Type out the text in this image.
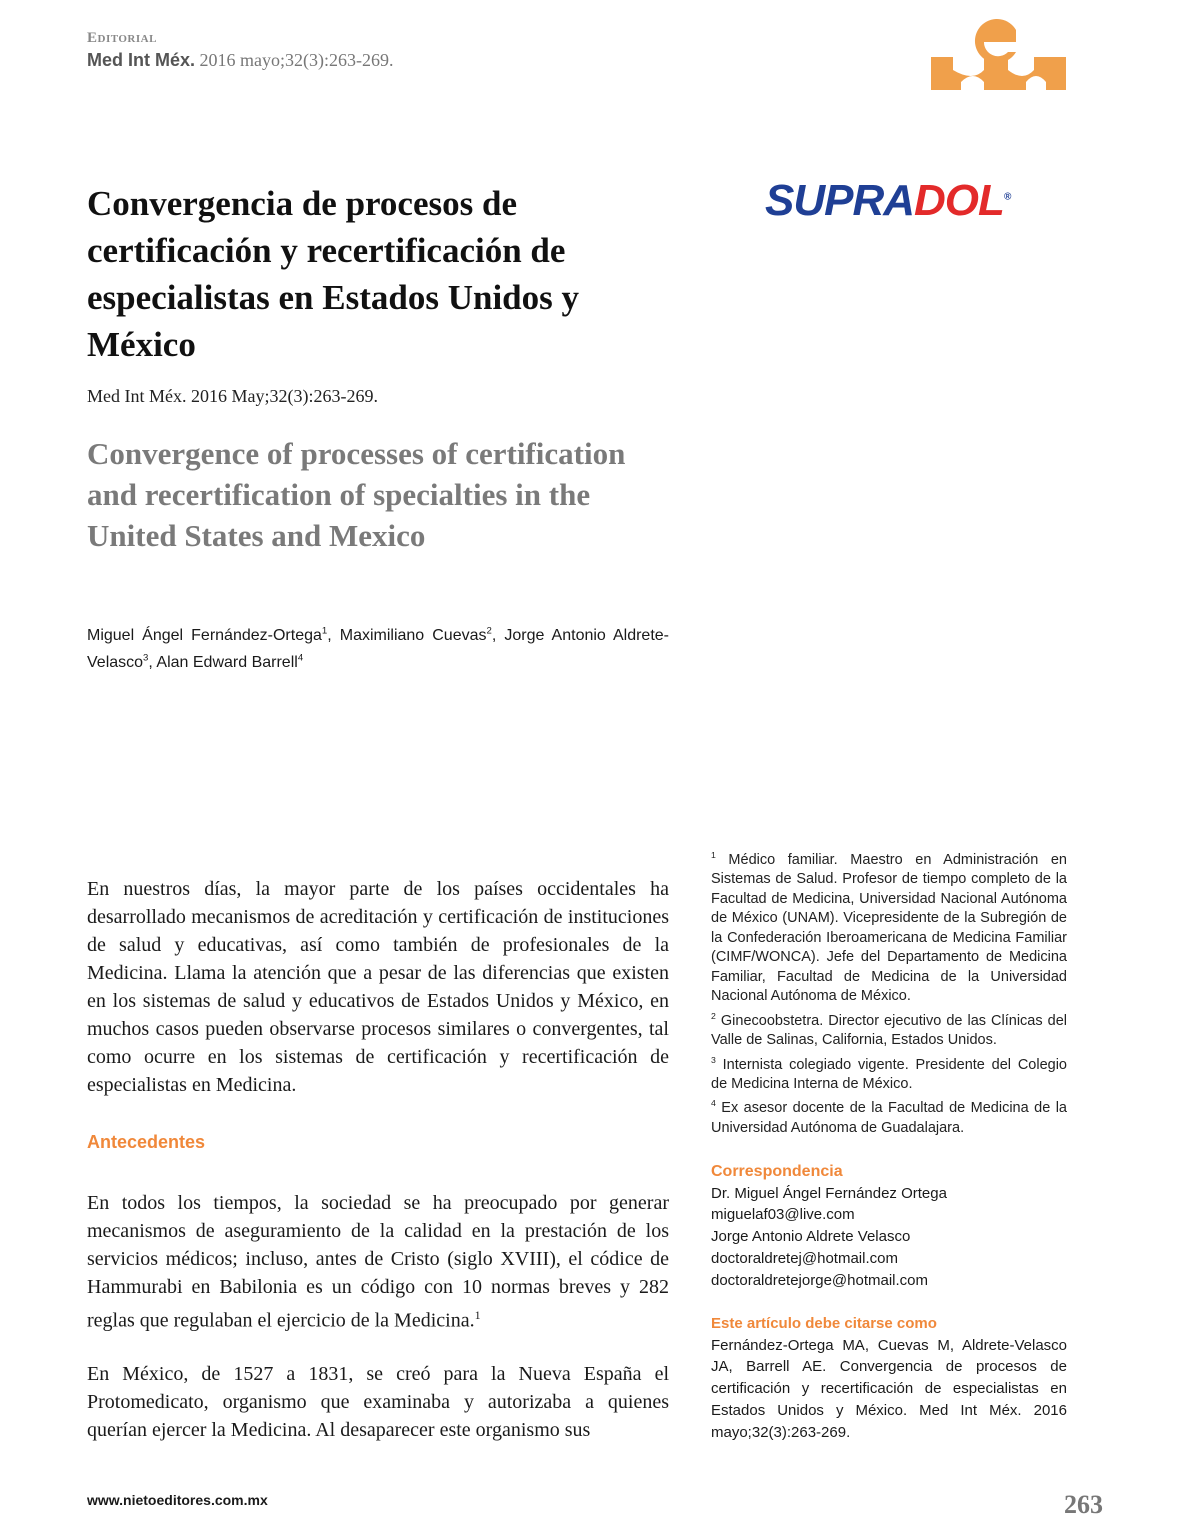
Editorial
Med Int Méx. 2016 mayo;32(3):263-269.
SUPRADOL®
Convergencia de procesos de certificación y recertificación de especialistas en Estados Unidos y México
Med Int Méx. 2016 May;32(3):263-269.
Convergence of processes of certification and recertification of specialties in the United States and Mexico
Miguel Ángel Fernández-Ortega$^1$, Maximiliano Cuevas$^2$, Jorge Antonio Aldrete-Velasco$^3$, Alan Edward Barrell$^4$

En nuestros días, la mayor parte de los países occidentales ha desarrollado mecanismos de acreditación y certificación de instituciones de salud y educativas, así como también de profesionales de la Medicina. Llama la atención que a pesar de las diferencias que existen en los sistemas de salud y educativos de Estados Unidos y México, en muchos casos pueden observarse procesos similares o convergentes, tal como ocurre en los sistemas de certificación y recertificación de especialistas en Medicina.

Antecedentes

En todos los tiempos, la sociedad se ha preocupado por generar mecanismos de aseguramiento de la calidad en la prestación de los servicios médicos; incluso, antes de Cristo (siglo XVIII), el códice de Hammurabi en Babilonia es un código con 10 normas breves y 282 reglas que regulaban el ejercicio de la Medicina.$^1$

En México, de 1527 a 1831, se creó para la Nueva España el Protomedicato, organismo que examinaba y autorizaba a quienes querían ejercer la Medicina. Al desaparecer este organismo sus

$^1$ Médico familiar. Maestro en Administración en Sistemas de Salud. Profesor de tiempo completo de la Facultad de Medicina, Universidad Nacional Autónoma de México (UNAM). Vicepresidente de la Subregión de la Confederación Iberoamericana de Medicina Familiar (CIMF/WONCA). Jefe del Departamento de Medicina Familiar, Facultad de Medicina de la Universidad Nacional Autónoma de México.
$^2$ Ginecoobstetra. Director ejecutivo de las Clínicas del Valle de Salinas, California, Estados Unidos.
$^3$ Internista colegiado vigente. Presidente del Colegio de Medicina Interna de México.
$^4$ Ex asesor docente de la Facultad de Medicina de la Universidad Autónoma de Guadalajara.
Correspondencia
Dr. Miguel Ángel Fernández Ortega
miguelaf03@live.com
Jorge Antonio Aldrete Velasco
doctoraldretej@hotmail.com
doctoraldretejorge@hotmail.com
Este artículo debe citarse como
Fernández-Ortega MA, Cuevas M, Aldrete-Velasco JA, Barrell AE. Convergencia de procesos de certificación y recertificación de especialistas en Estados Unidos y México. Med Int Méx. 2016 mayo;32(3):263-269.
www.nietoeditores.com.mx	263
